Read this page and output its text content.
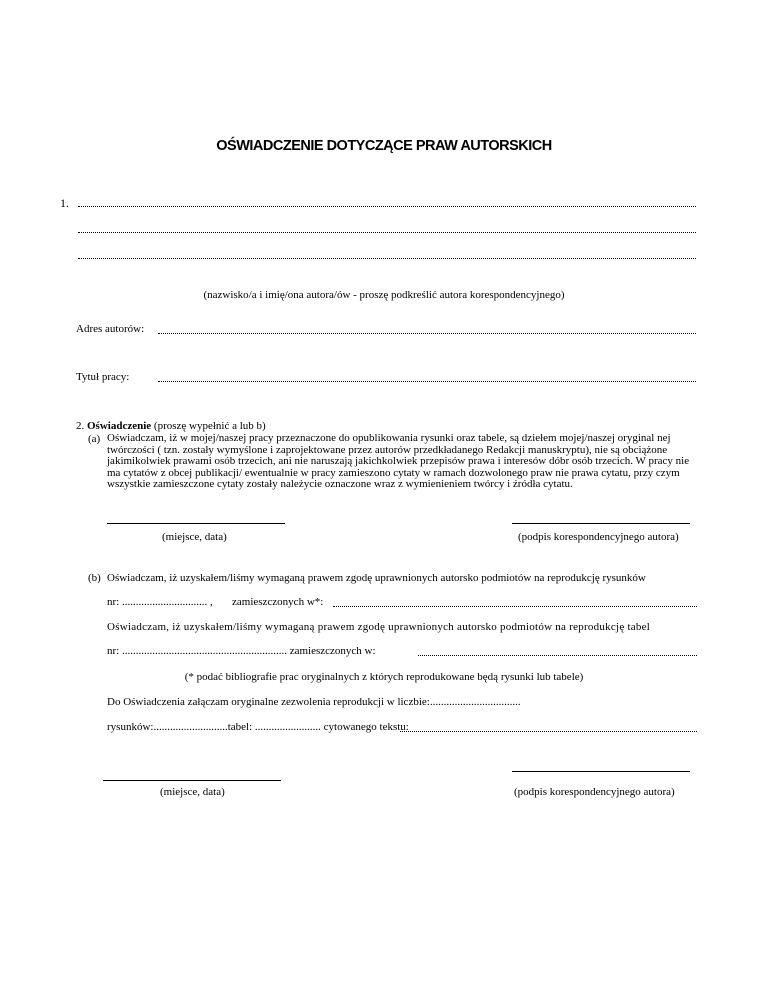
OŚWIADCZENIE DOTYCZĄCE PRAW AUTORSKICH
1.
(nazwisko/a i imię/ona autora/ów - proszę podkreślić autora korespondencyjnego)
Adres autorów:
Tytuł pracy:
2. Oświadczenie (proszę wypełnić a lub b)
(a) Oświadczam, iż w mojej/naszej pracy przeznaczone do opublikowania rysunki oraz tabele, są dziełem mojej/naszej oryginal nej twórczości ( tzn. zostały wymyślone i zaprojektowane przez autorów przedkładanego Redakcji manuskryptu), nie są obciążone jakimikolwiek prawami osób trzecich, ani nie naruszają jakichkolwiek przepisów prawa i interesów dóbr osób trzecich. W pracy nie ma cytatów z obcej publikacji/ ewentualnie w pracy zamieszono cytaty w ramach dozwolonego praw nie prawa cytatu, przy czym wszystkie zamieszczone cytaty zostały należycie oznaczone wraz z wymienieniem twórcy i źródła cytatu.
(miejsce, data)	(podpis korespondencyjnego autora)
(b) Oświadczam, iż uzyskałem/liśmy wymaganą prawem zgodę uprawnionych autorsko podmiotów na reprodukcję rysunków
nr: ............................... , zamieszczonych w*:
Oświadczam, iż uzyskałem/liśmy wymaganą prawem zgodę uprawnionych autorsko podmiotów na reprodukcję tabel
nr: ............................................................ zamieszczonych w:
(* podać bibliografie prac oryginalnych z których reprodukowane będą rysunki lub tabele)
Do Oświadczenia załączam oryginalne zezwolenia reprodukcji w liczbie:.................................
rysunków:...........................tabel: ........................ cytowanego tekstu:
(miejsce, data)	(podpis korespondencyjnego autora)
